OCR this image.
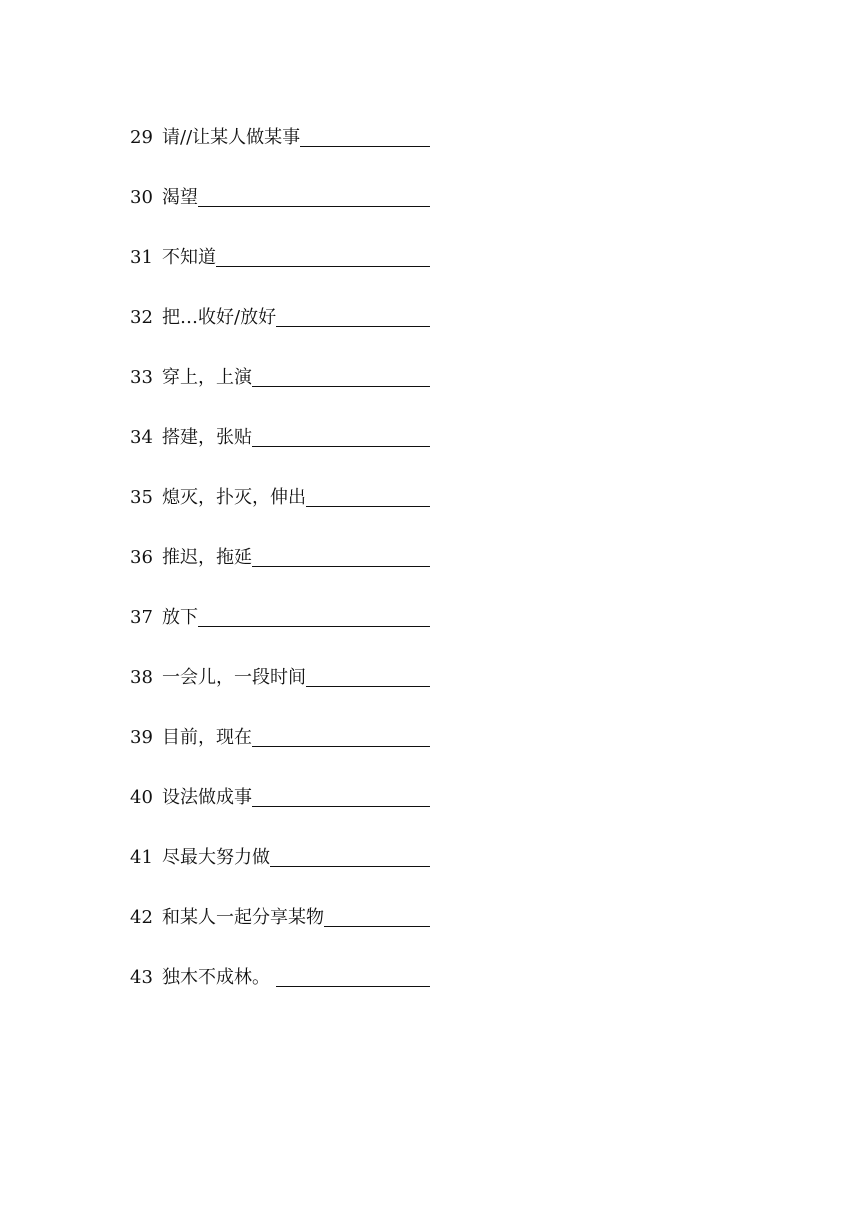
29 请//让某人做某事
30 渴望
31 不知道
32 把…收好/放好
33 穿上，上演
34 搭建，张贴
35 熄灭，扑灭，伸出
36 推迟，拖延
37 放下
38 一会儿，一段时间
39 目前，现在
40 设法做成事
41 尽最大努力做
42 和某人一起分享某物
43 独木不成林。
